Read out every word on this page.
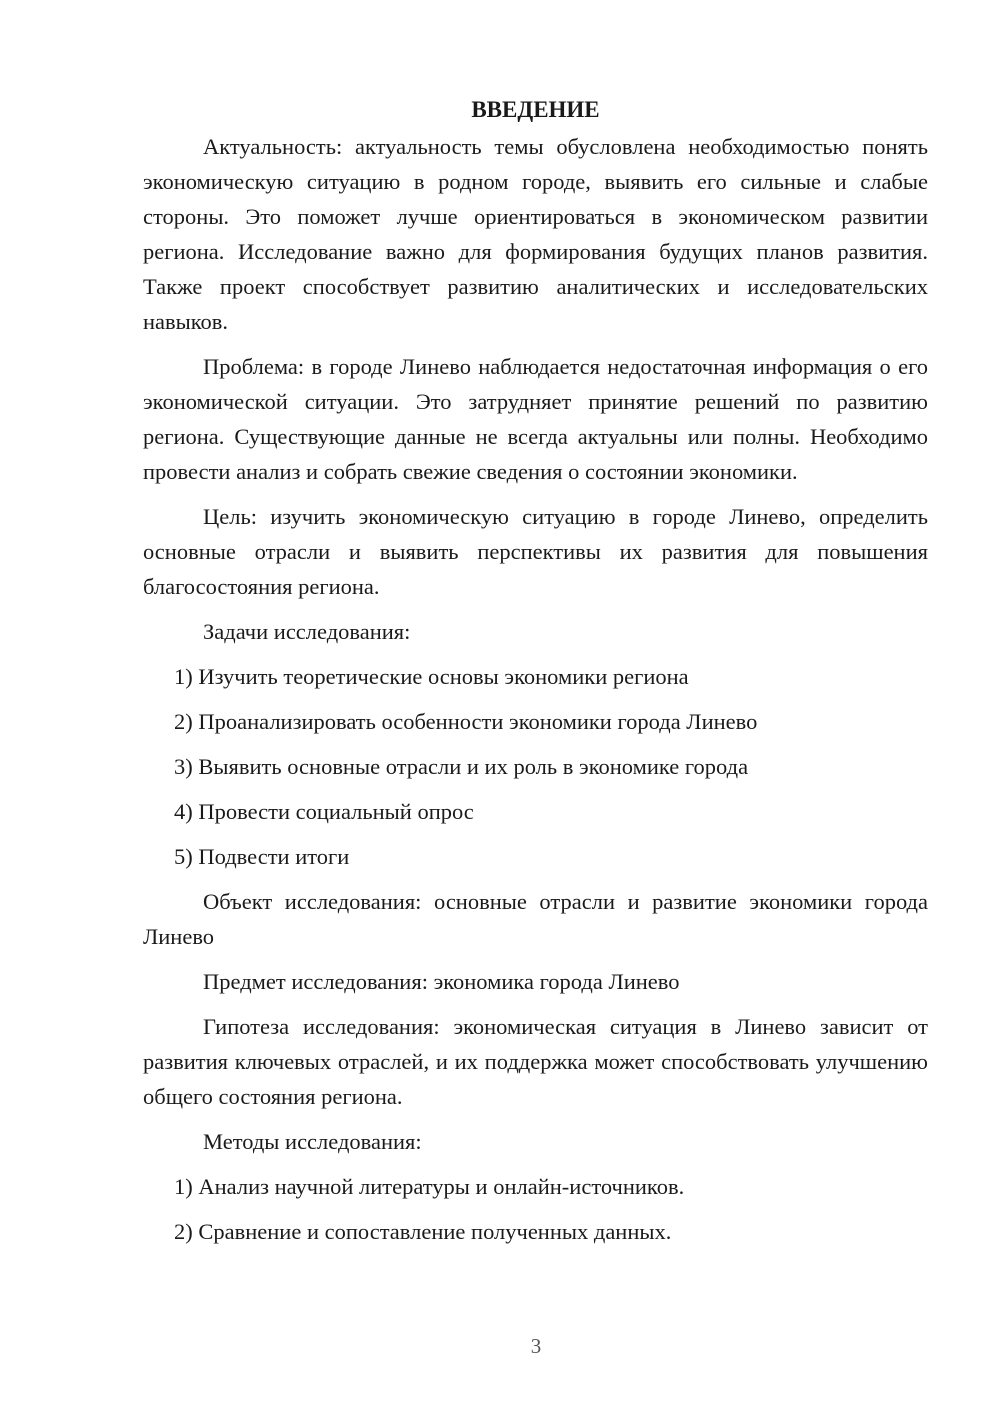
ВВЕДЕНИЕ

Актуальность: актуальность темы обусловлена необходимостью понять экономическую ситуацию в родном городе, выявить его сильные и слабые стороны. Это поможет лучше ориентироваться в экономическом развитии региона. Исследование важно для формирования будущих планов развития. Также проект способствует развитию аналитических и исследовательских навыков.

Проблема: в городе Линево наблюдается недостаточная информация о его экономической ситуации. Это затрудняет принятие решений по развитию региона. Существующие данные не всегда актуальны или полны. Необходимо провести анализ и собрать свежие сведения о состоянии экономики.

Цель: изучить экономическую ситуацию в городе Линево, определить основные отрасли и выявить перспективы их развития для повышения благосостояния региона.

Задачи исследования:

1) Изучить теоретические основы экономики региона
2) Проанализировать особенности экономики города Линево
3) Выявить основные отрасли и их роль в экономике города
4) Провести социальный опрос
5) Подвести итоги

Объект исследования: основные отрасли и развитие экономики города Линево

Предмет исследования: экономика города Линево

Гипотеза исследования: экономическая ситуация в Линево зависит от развития ключевых отраслей, и их поддержка может способствовать улучшению общего состояния региона.

Методы исследования:

1) Анализ научной литературы и онлайн-источников.
2) Сравнение и сопоставление полученных данных.
3
